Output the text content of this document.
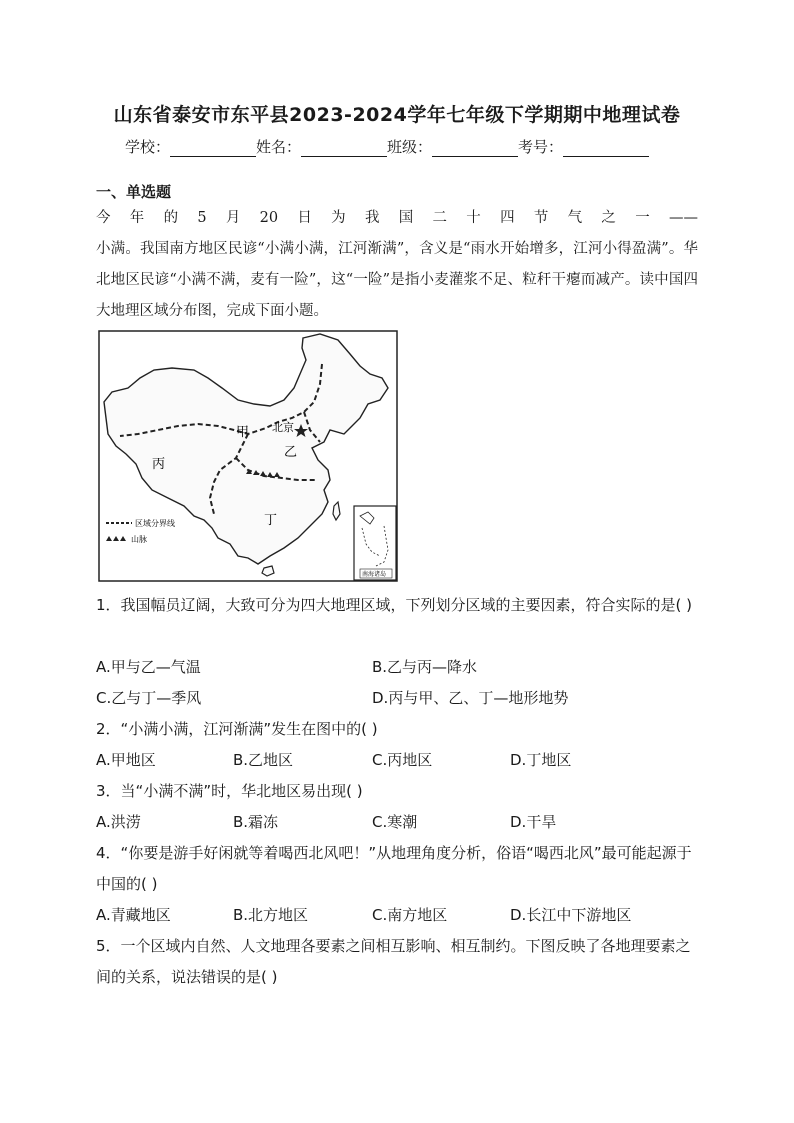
山东省泰安市东平县2023-2024学年七年级下学期期中地理试卷
学校：	姓名：	班级：	考号：
一、单选题
今 年 的 5 月 20 日 为 我 国 二 十 四 节 气 之 一 ——
小满。我国南方地区民谚“小满小满，江河渐满”，含义是“雨水开始增多，江河小得盈满”。华北地区民谚“小满不满，麦有一险”，这“一险”是指小麦灌浆不足、粒秆干瘪而减产。读中国四大地理区域分布图，完成下面小题。
北京
甲
乙
丙
丁
区域分界线
山脉
南海诸岛
1．我国幅员辽阔，大致可分为四大地理区域，下列划分区域的主要因素，符合实际的是( )
A.甲与乙—气温	B.乙与丙—降水
C.乙与丁—季风	D.丙与甲、乙、丁—地形地势
2．“小满小满，江河渐满”发生在图中的( )
A.甲地区	B.乙地区	C.丙地区	D.丁地区
3．当“小满不满”时，华北地区易出现( )
A.洪涝	B.霜冻	C.寒潮	D.干旱
4．“你要是游手好闲就等着喝西北风吧！”从地理角度分析，俗语“喝西北风”最可能起源于中国的( )
A.青藏地区	B.北方地区	C.南方地区	D.长江中下游地区
5．一个区域内自然、人文地理各要素之间相互影响、相互制约。下图反映了各地理要素之间的关系，说法错误的是( )
